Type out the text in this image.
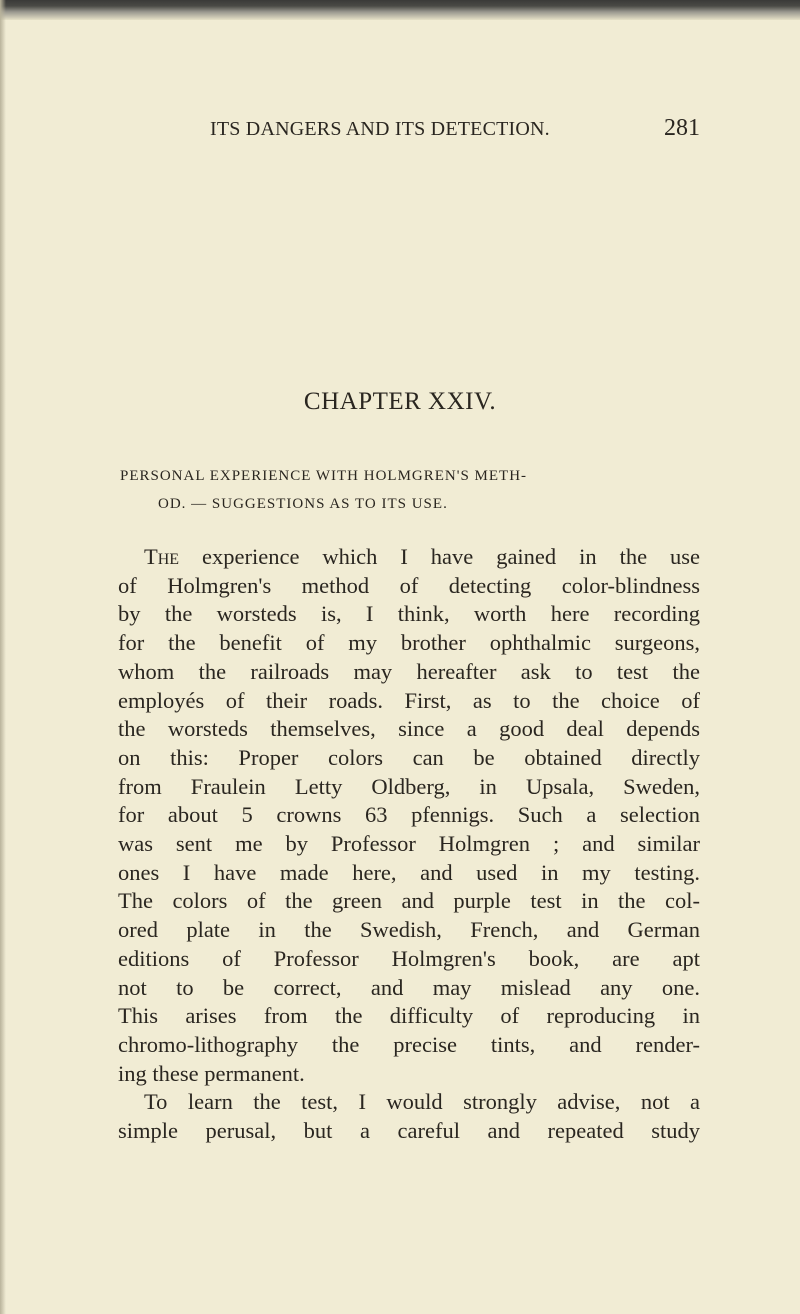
ITS DANGERS AND ITS DETECTION.	281
CHAPTER XXIV.
PERSONAL EXPERIENCE WITH HOLMGREN'S METH-
OD. — SUGGESTIONS AS TO ITS USE.
The experience which I have gained in the use
of Holmgren's method of detecting color-blindness
by the worsteds is, I think, worth here recording
for the benefit of my brother ophthalmic surgeons,
whom the railroads may hereafter ask to test the
employés of their roads. First, as to the choice of
the worsteds themselves, since a good deal depends
on this: Proper colors can be obtained directly
from Fraulein Letty Oldberg, in Upsala, Sweden,
for about 5 crowns 63 pfennigs. Such a selection
was sent me by Professor Holmgren ; and similar
ones I have made here, and used in my testing.
The colors of the green and purple test in the col-
ored plate in the Swedish, French, and German
editions of Professor Holmgren's book, are apt
not to be correct, and may mislead any one.
This arises from the difficulty of reproducing in
chromo-lithography the precise tints, and render-
ing these permanent.
To learn the test, I would strongly advise, not a
simple perusal, but a careful and repeated study
